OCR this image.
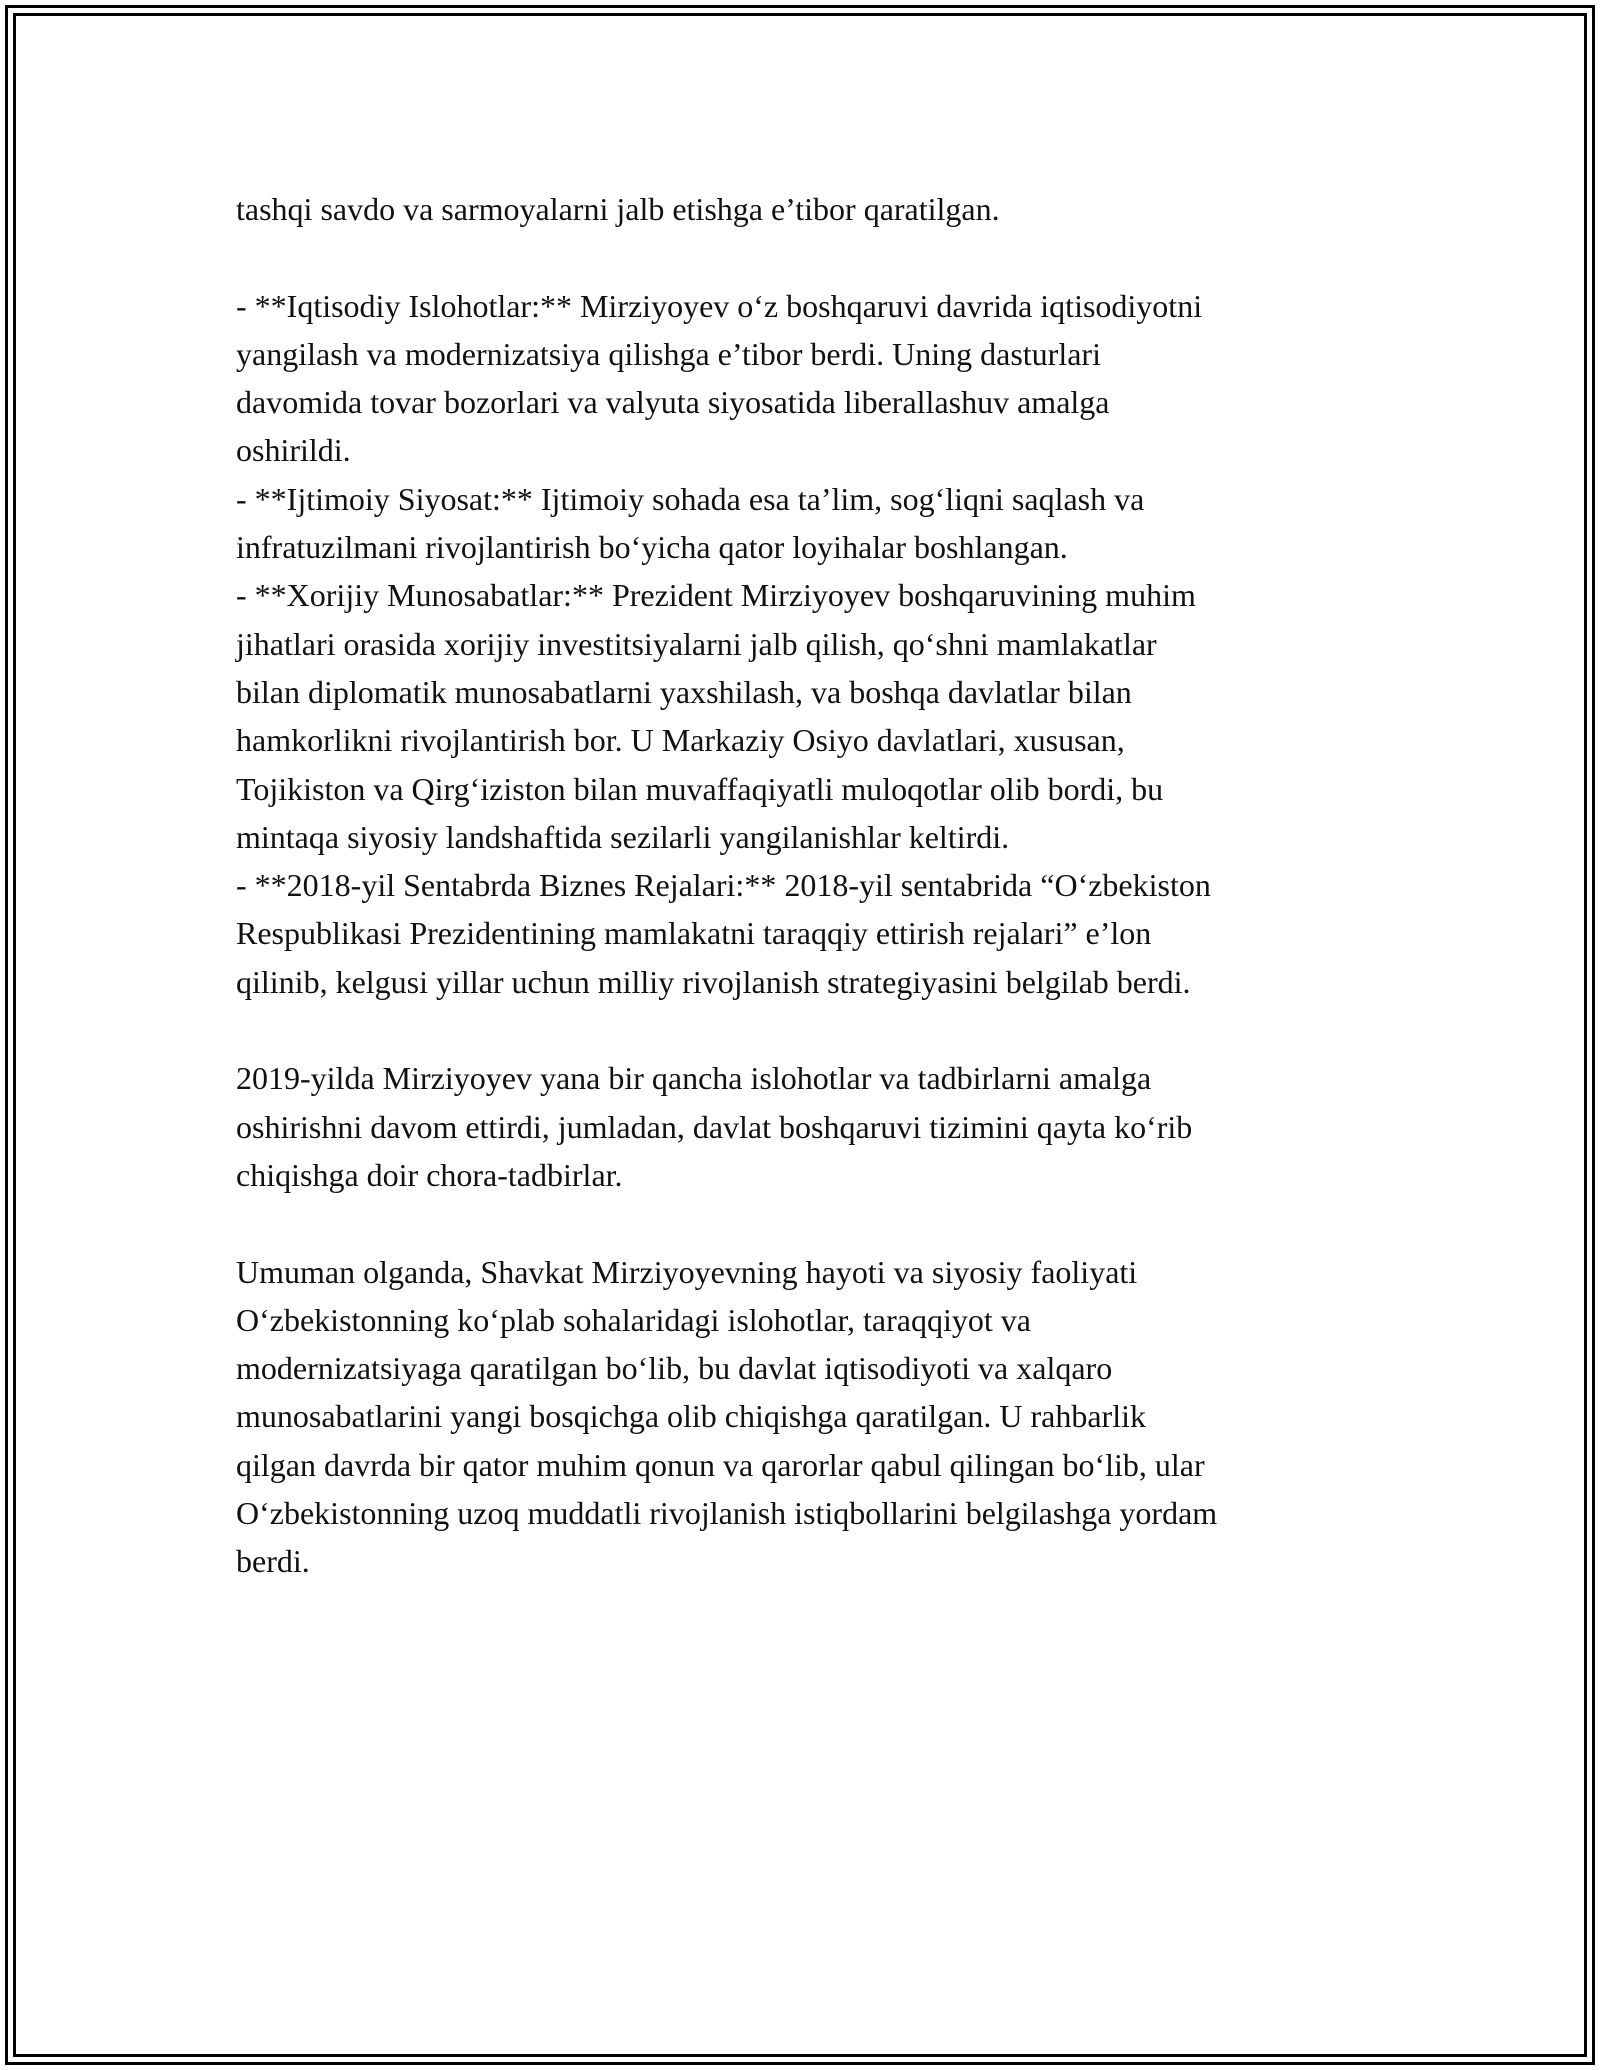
tashqi savdo va sarmoyalarni jalb etishga e’tibor qaratilgan.
- **Iqtisodiy Islohotlar:** Mirziyoyev o‘z boshqaruvi davrida iqtisodiyotni
yangilash va modernizatsiya qilishga e’tibor berdi. Uning dasturlari
davomida tovar bozorlari va valyuta siyosatida liberallashuv amalga
oshirildi.
- **Ijtimoiy Siyosat:** Ijtimoiy sohada esa ta’lim, sog‘liqni saqlash va
infratuzilmani rivojlantirish bo‘yicha qator loyihalar boshlangan.
- **Xorijiy Munosabatlar:** Prezident Mirziyoyev boshqaruvining muhim
jihatlari orasida xorijiy investitsiyalarni jalb qilish, qo‘shni mamlakatlar
bilan diplomatik munosabatlarni yaxshilash, va boshqa davlatlar bilan
hamkorlikni rivojlantirish bor. U Markaziy Osiyo davlatlari, xususan,
Tojikiston va Qirg‘iziston bilan muvaffaqiyatli muloqotlar olib bordi, bu
mintaqa siyosiy landshaftida sezilarli yangilanishlar keltirdi.
- **2018-yil Sentabrda Biznes Rejalari:** 2018-yil sentabrida “O‘zbekiston
Respublikasi Prezidentining mamlakatni taraqqiy ettirish rejalari” e’lon
qilinib, kelgusi yillar uchun milliy rivojlanish strategiyasini belgilab berdi.
2019-yilda Mirziyoyev yana bir qancha islohotlar va tadbirlarni amalga
oshirishni davom ettirdi, jumladan, davlat boshqaruvi tizimini qayta ko‘rib
chiqishga doir chora-tadbirlar.
Umuman olganda, Shavkat Mirziyoyevning hayoti va siyosiy faoliyati
O‘zbekistonning ko‘plab sohalaridagi islohotlar, taraqqiyot va
modernizatsiyaga qaratilgan bo‘lib, bu davlat iqtisodiyoti va xalqaro
munosabatlarini yangi bosqichga olib chiqishga qaratilgan. U rahbarlik
qilgan davrda bir qator muhim qonun va qarorlar qabul qilingan bo‘lib, ular
O‘zbekistonning uzoq muddatli rivojlanish istiqbollarini belgilashga yordam
berdi.
